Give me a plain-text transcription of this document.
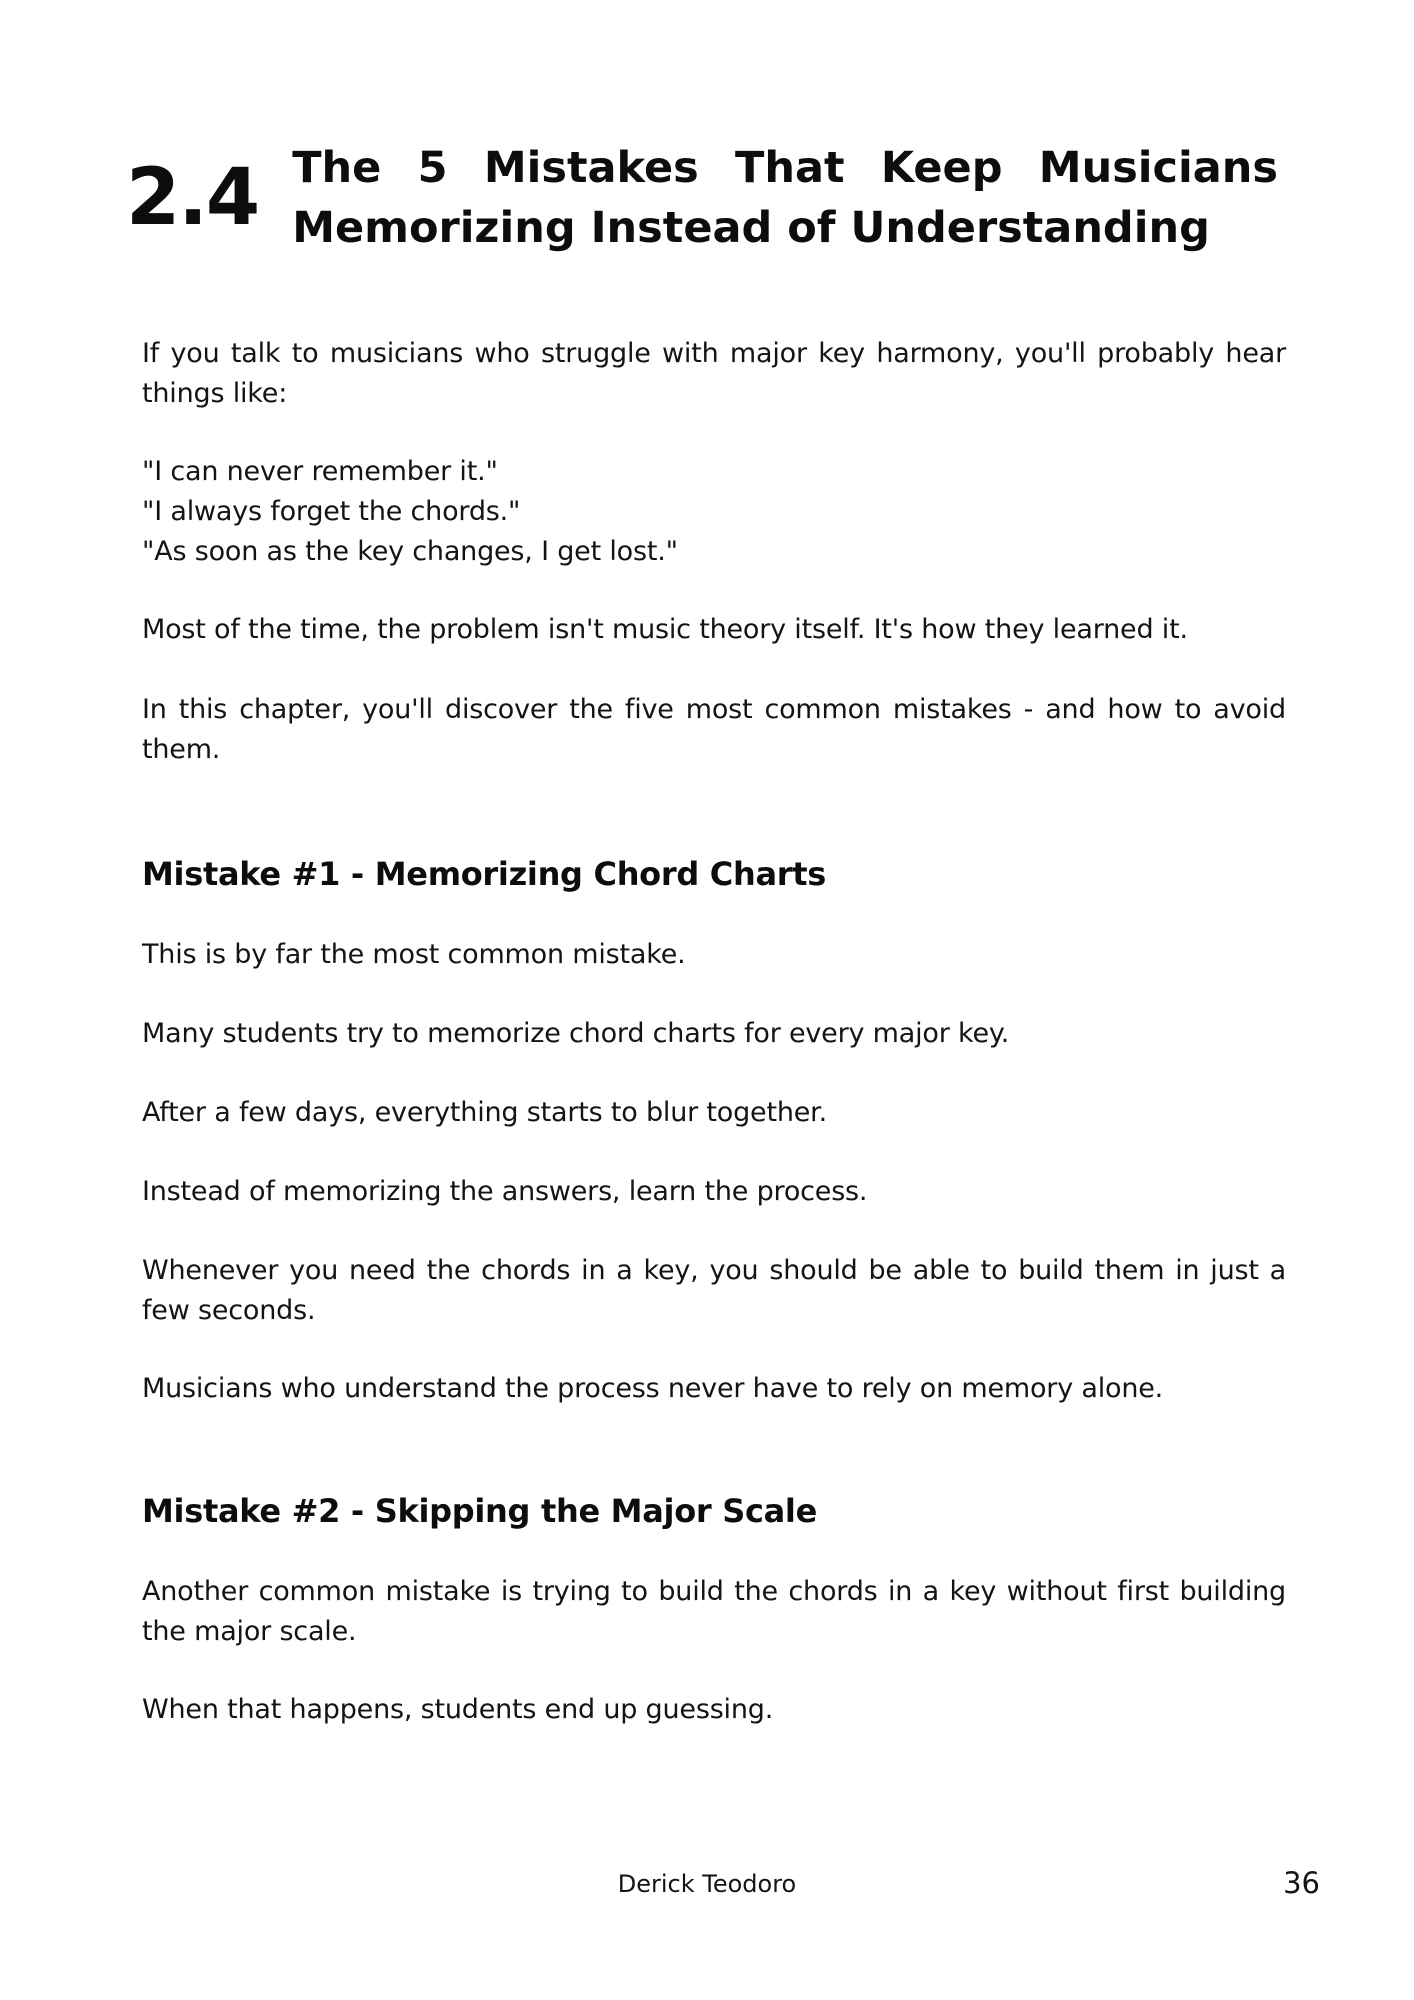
2.4 The 5 Mistakes That Keep Musicians
Memorizing Instead of Understanding

If you talk to musicians who struggle with major key harmony, you'll probably hear things like:

"I can never remember it."
"I always forget the chords."
"As soon as the key changes, I get lost."

Most of the time, the problem isn't music theory itself. It's how they learned it.

In this chapter, you'll discover the five most common mistakes - and how to avoid them.

Mistake #1 - Memorizing Chord Charts

This is by far the most common mistake.

Many students try to memorize chord charts for every major key.

After a few days, everything starts to blur together.

Instead of memorizing the answers, learn the process.

Whenever you need the chords in a key, you should be able to build them in just a few seconds.

Musicians who understand the process never have to rely on memory alone.

Mistake #2 - Skipping the Major Scale

Another common mistake is trying to build the chords in a key without first building the major scale.

When that happens, students end up guessing.

Derick Teodoro	36
